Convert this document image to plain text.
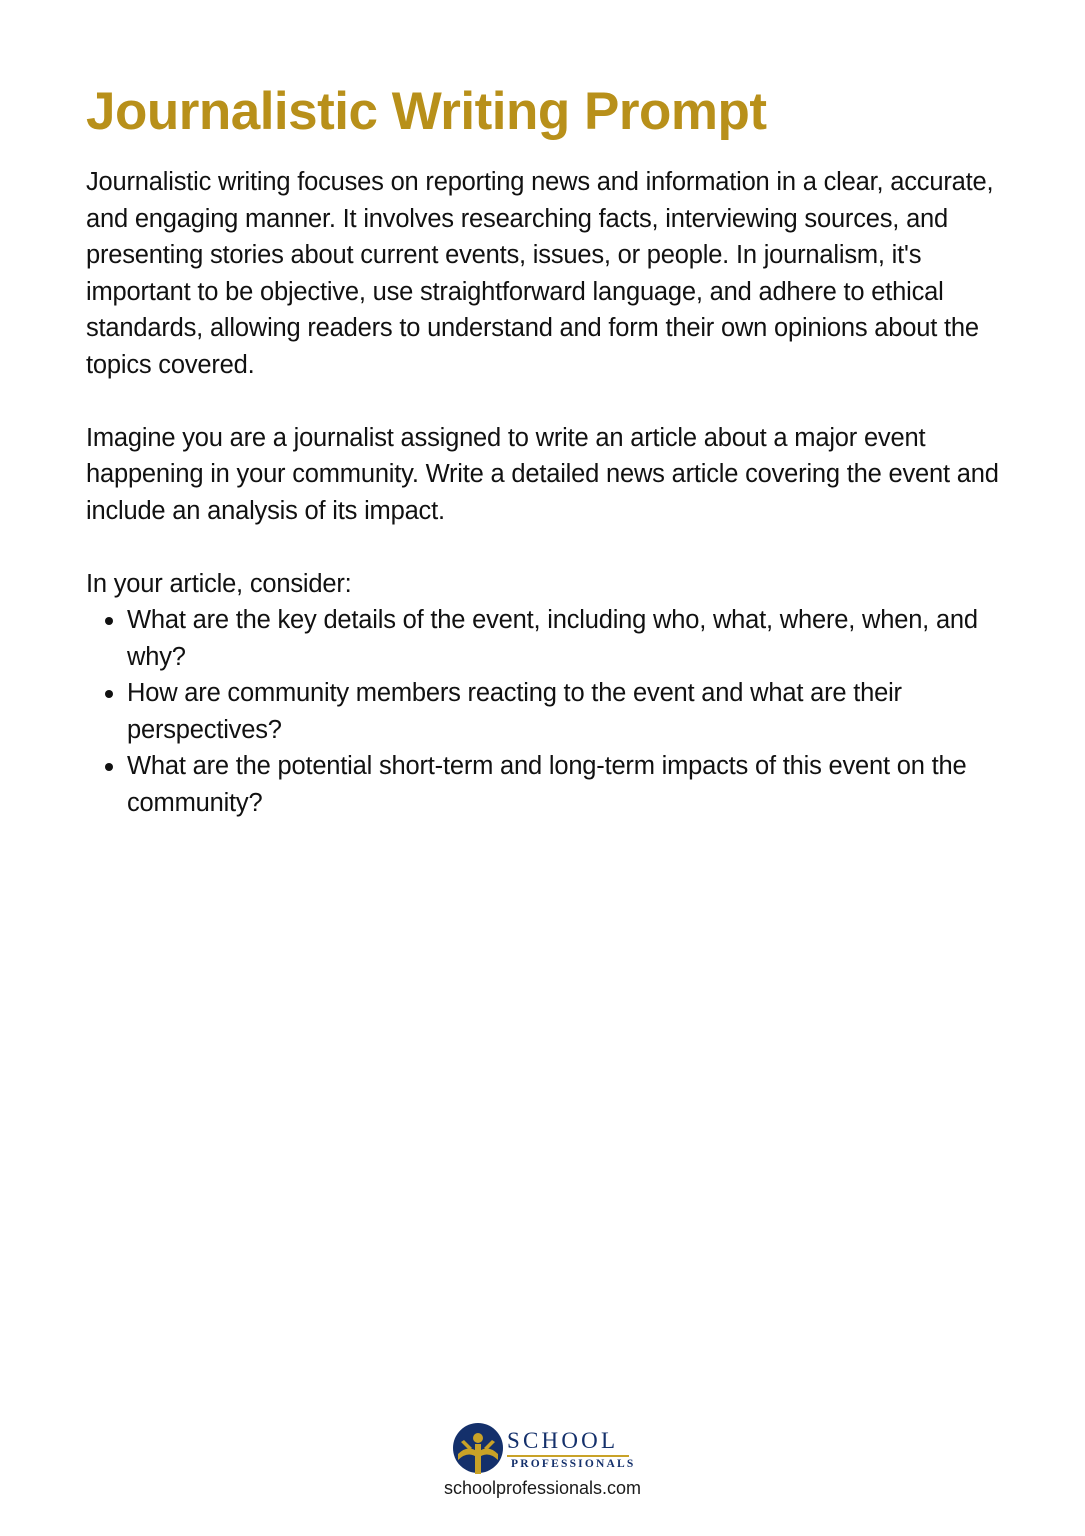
Journalistic Writing Prompt

Journalistic writing focuses on reporting news and information in a clear, accurate, and engaging manner. It involves researching facts, interviewing sources, and presenting stories about current events, issues, or people. In journalism, it's important to be objective, use straightforward language, and adhere to ethical standards, allowing readers to understand and form their own opinions about the topics covered.

Imagine you are a journalist assigned to write an article about a major event happening in your community. Write a detailed news article covering the event and include an analysis of its impact.

In your article, consider:

What are the key details of the event, including who, what, where, when, and why?
How are community members reacting to the event and what are their perspectives?
What are the potential short-term and long-term impacts of this event on the community?
SCHOOL
PROFESSIONALS
schoolprofessionals.com
